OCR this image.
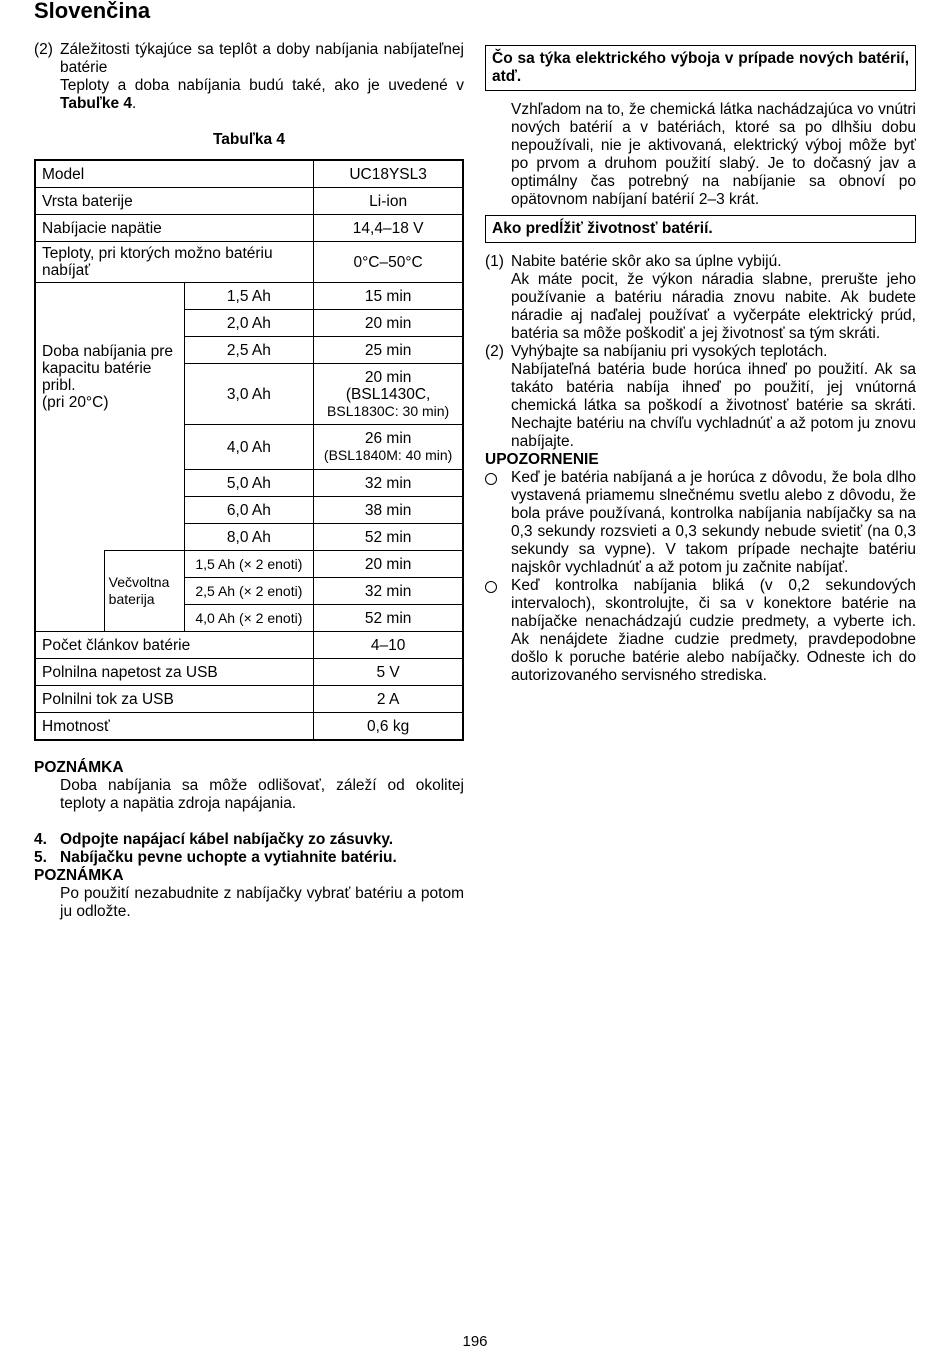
Slovenčina
(2) Záležitosti týkajúce sa teplôt a doby nabíjania nabíjateľnej batérie
Teploty a doba nabíjania budú také, ako je uvedené v Tabuľke 4.
Tabuľka 4
Model			UC18YSL3
Vrsta baterije			Li-ion
Nabíjacie napätie			14,4–18 V
Teploty, pri ktorých možno batériu nabíjať			0°C–50°C

Doba nabíjania pre kapacitu batérie pribl.
(pri 20°C)		1,5 Ah	15 min
		2,0 Ah	20 min
		2,5 Ah	25 min
		3,0 Ah	20 min
(BSL1430C,
BSL1830C: 30 min)

		4,0 Ah	26 min
(BSL1840M: 40 min)

		5,0 Ah	32 min
		6,0 Ah	38 min
		8,0 Ah	52 min
	Večvoltna baterija	1,5 Ah (× 2 enoti)	20 min
		2,5 Ah (× 2 enoti)	32 min
		4,0 Ah (× 2 enoti)	52 min
Počet článkov batérie			4–10
Polnilna napetost za USB			5 V
Polnilni tok za USB			2 A
Hmotnosť			0,6 kg
POZNÁMKA
Doba nabíjania sa môže odlišovať, záleží od okolitej teploty a napätia zdroja napájania.
4. Odpojte napájací kábel nabíjačky zo zásuvky.
5. Nabíjačku pevne uchopte a vytiahnite batériu.
POZNÁMKA
Po použití nezabudnite z nabíjačky vybrať batériu a potom ju odložte.
Čo sa týka elektrického výboja v prípade nových batérií, atď.
Vzhľadom na to, že chemická látka nachádzajúca vo vnútri nových batérií a v batériách, ktoré sa po dlhšiu dobu nepoužívali, nie je aktivovaná, elektrický výboj môže byť po prvom a druhom použití slabý. Je to dočasný jav a optimálny čas potrebný na nabíjanie sa obnoví po opätovnom nabíjaní batérií 2–3 krát.
Ako predĺžiť životnosť batérií.
(1) Nabite batérie skôr ako sa úplne vybijú.
Ak máte pocit, že výkon náradia slabne, prerušte jeho používanie a batériu náradia znovu nabite. Ak budete náradie aj naďalej používať a vyčerpáte elektrický prúd, batéria sa môže poškodiť a jej životnosť sa tým skráti.
(2) Vyhýbajte sa nabíjaniu pri vysokých teplotách.
Nabíjateľná batéria bude horúca ihneď po použití. Ak sa takáto batéria nabíja ihneď po použití, jej vnútorná chemická látka sa poškodí a životnosť batérie sa skráti. Nechajte batériu na chvíľu vychladnúť a až potom ju znovu nabíjajte.
UPOZORNENIE
Keď je batéria nabíjaná a je horúca z dôvodu, že bola dlho vystavená priamemu slnečnému svetlu alebo z dôvodu, že bola práve používaná, kontrolka nabíjania nabíjačky sa na 0,3 sekundy rozsvieti a 0,3 sekundy nebude svietiť (na 0,3 sekundy sa vypne). V takom prípade nechajte batériu najskôr vychladnúť a až potom ju začnite nabíjať.
Keď kontrolka nabíjania bliká (v 0,2 sekundových intervaloch), skontrolujte, či sa v konektore batérie na nabíjačke nenachádzajú cudzie predmety, a vyberte ich. Ak nenájdete žiadne cudzie predmety, pravdepodobne došlo k poruche batérie alebo nabíjačky. Odneste ich do autorizovaného servisného strediska.
196
